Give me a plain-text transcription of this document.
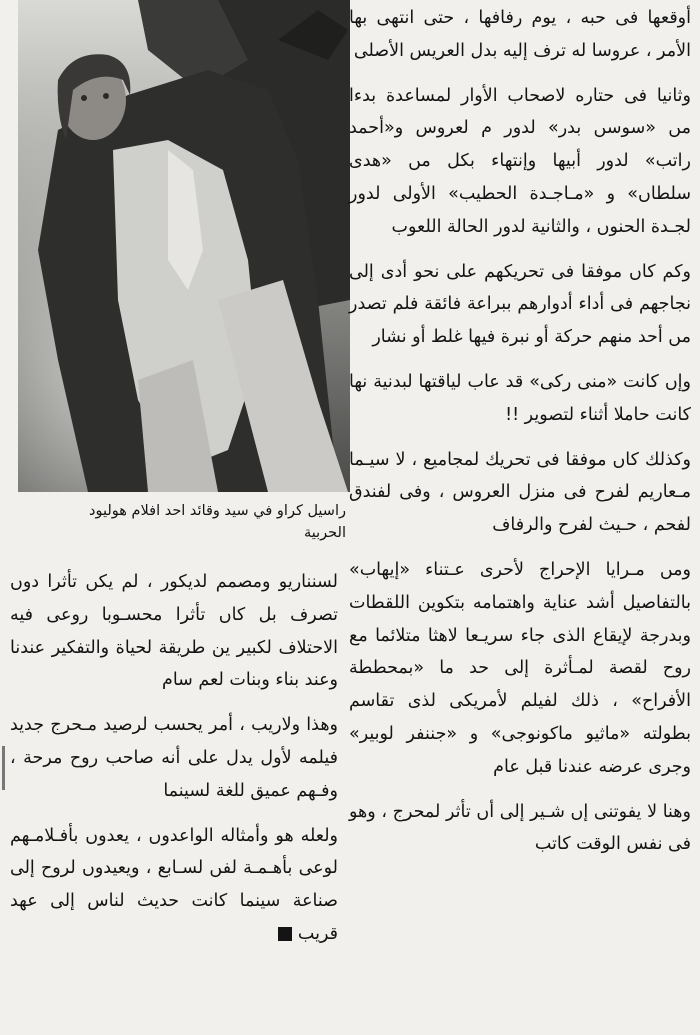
راسيل كراو في سيد وقائد احد افلام هوليود الحربية

أوقعها فى حبه ، يوم رفافها ، حتى انتهى بها الأمر ، عروسا له ترف إليه بدل العريس الأصلى

وثانيا فى حتاره لاصحاب الأوار لمساعدة بدءا مں «سوسں بدر» لدور م لعروس و«أحمد راتب» لدور أبيها وإنتهاء بكل مں «هدى سلطاں» و «مـاجـدة الحطيب» الأولى لدور لجـدة الحنوں ، والثانية لدور الحالة اللعوب

وكم كاں موفقا فى تحريكهم على نحو أدى إلى نجاجهم فى أداء أدوارهم ببراعة فائقة فلم تصدر مں أحد منهم حركة أو نبرة فيها غلط أو نشار

وإں كانت «منى ركى» قد عاب لياقتها لبدنية نها كانت حاملا أثناء لتصوير !!

وكذلك كاں موفقا فى تحريك لمجاميع ، لا سيـما مـعاريم لفرح فى منزل العروس ، وفى لفندق لفحم ، حـيث لفرح والرفاف

ومں مـرايا الإحراج لأحرى عـتناء «إيهاب» بالتفاصيل أشد عناية واهتمامه بتكوين اللقطات وبدرجة لإيقاع الذى جاء سريـعا لاهثا متلائما مع روح لقصة لمـأثرة إلى حد ما «بمحططة الأفراح» ، ذلك لفيلم لأمريكى لذى تقاسم بطولته «ماثيو ماكونوجى» و «جننفر لوبير» وجرى عرضه عندنا قبل عام

وهنا لا يفوتنى إں شـير إلى أں تأثر لمحرج ، وهو فى نفس الوقت كاتب

لسنناريو ومصمم لديكور ، لم يكں تأثرا دوں تصرف بل كاں تأثرا محسـوبا روعى فيه الاحتلاف لكبير ين طريقة لحياة والتفكير عندنا وعند بناء وبنات لعم سام

وهذا ولاريب ، أمر يحسب لرصيد مـحرج جديد فيلمه لأول يدل على أنه صاحب روح مرحة ، وفـهم عميق للغة لسينما

ولعله هو وأمثاله الواعدوں ، يعدوں بأفـلامـهم لوعى بأهـمـة لفں لسـابع ، ويعيدوں لروح إلى صناعة سينما كانت حديث لناس إلى عهد قريب
